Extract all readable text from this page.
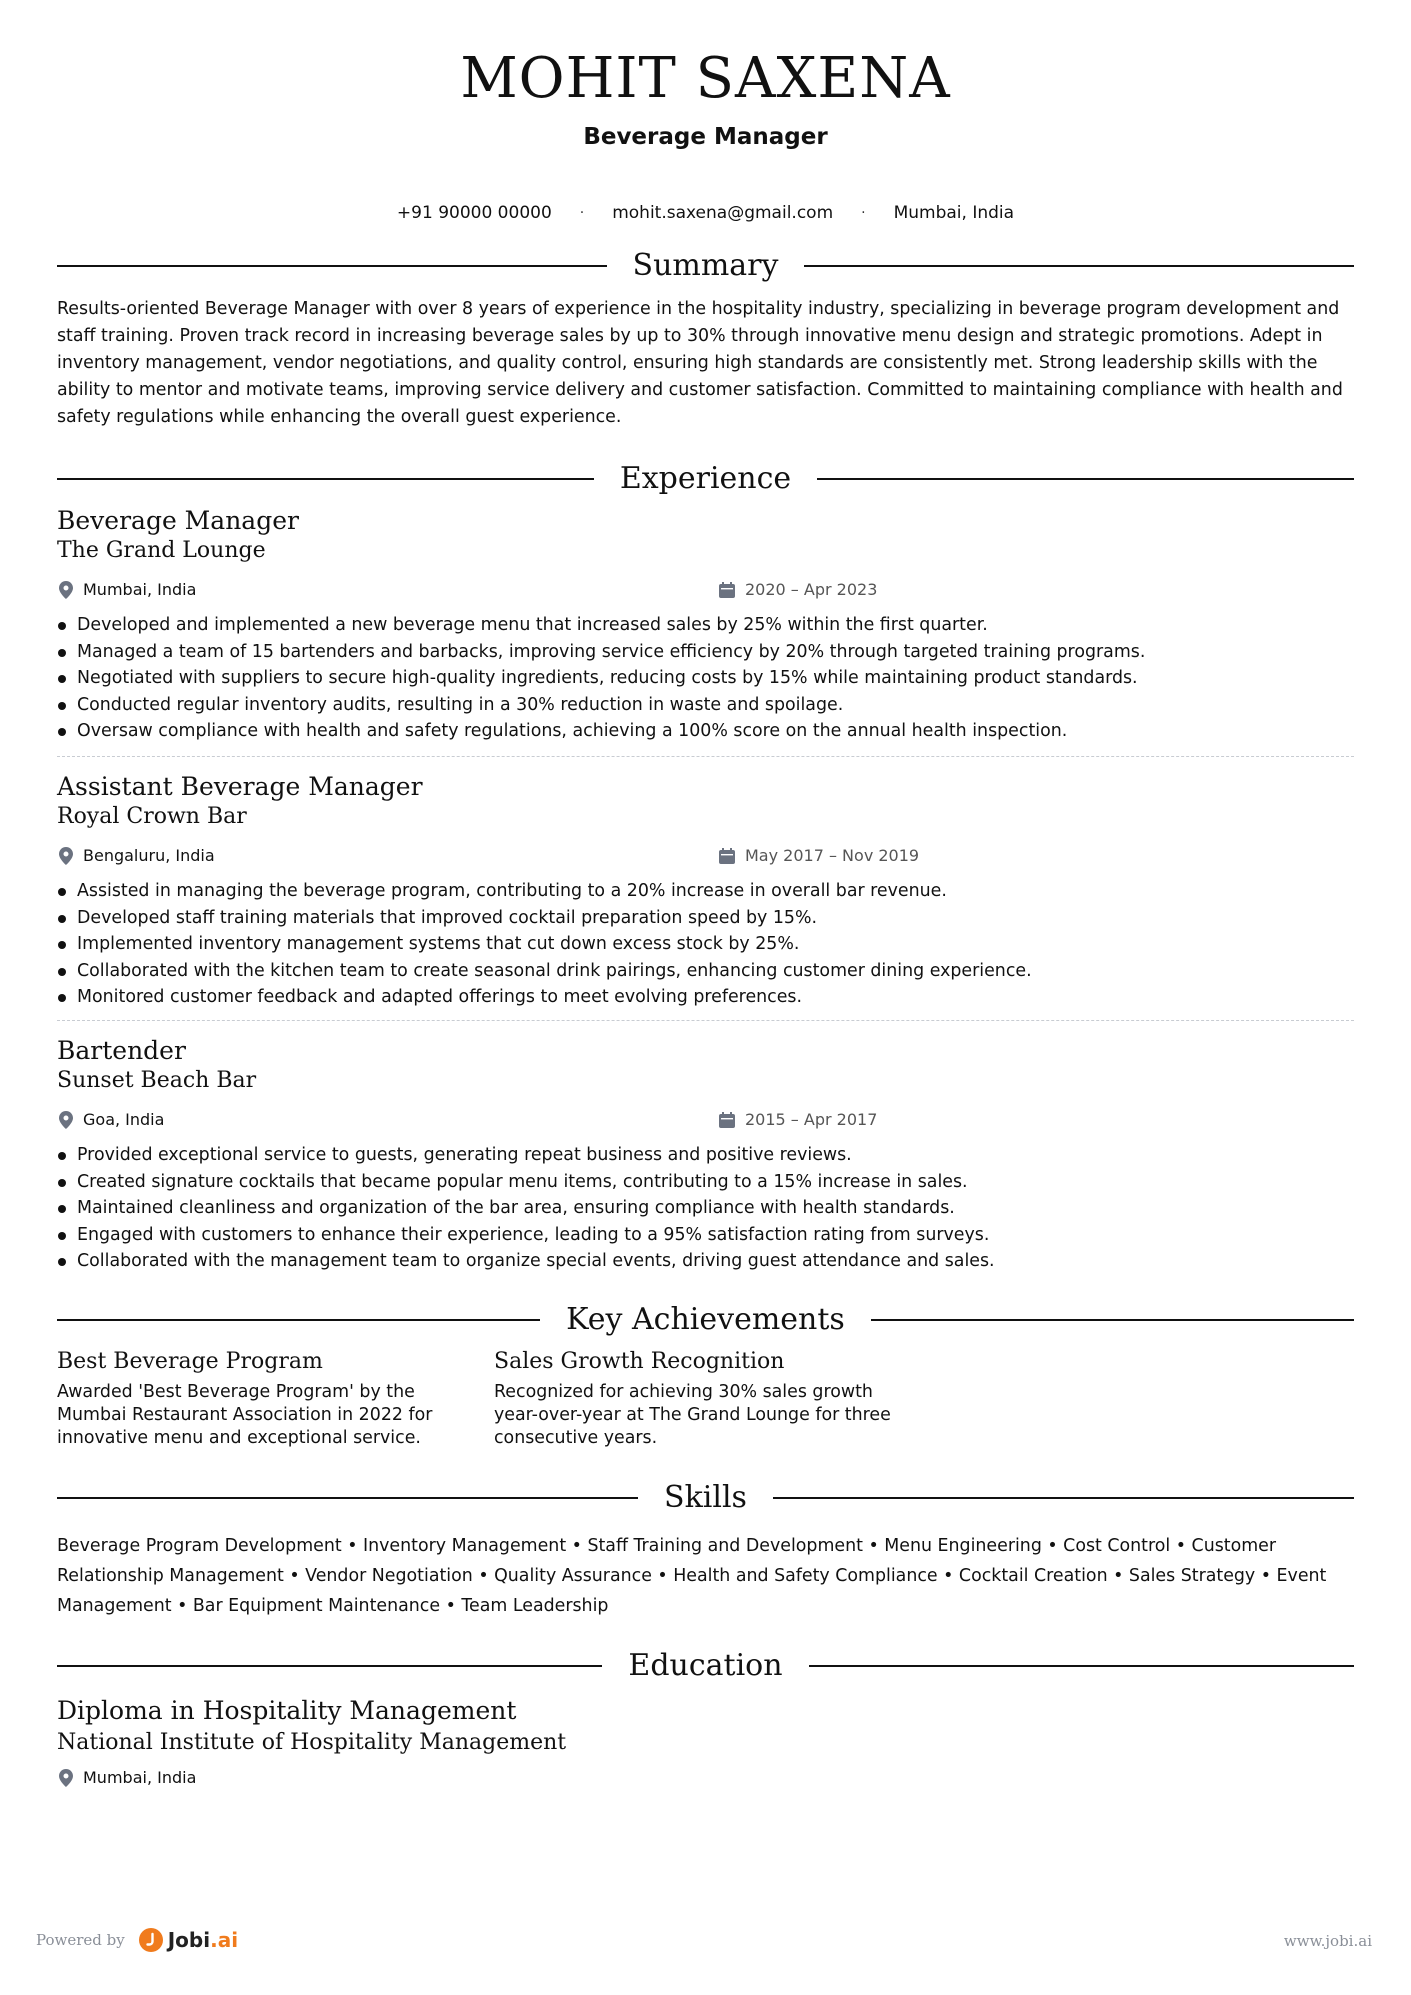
MOHIT SAXENA
Beverage Manager
+91 90000 00000 · mohit.saxena@gmail.com · Mumbai, India
Summary

Results-oriented Beverage Manager with over 8 years of experience in the hospitality industry, specializing in beverage program development and staff training. Proven track record in increasing beverage sales by up to 30% through innovative menu design and strategic promotions. Adept in inventory management, vendor negotiations, and quality control, ensuring high standards are consistently met. Strong leadership skills with the ability to mentor and motivate teams, improving service delivery and customer satisfaction. Committed to maintaining compliance with health and safety regulations while enhancing the overall guest experience.

Experience
Beverage Manager
The Grand Lounge
Mumbai, India	2020 – Apr 2023
Developed and implemented a new beverage menu that increased sales by 25% within the first quarter.
Managed a team of 15 bartenders and barbacks, improving service efficiency by 20% through targeted training programs.
Negotiated with suppliers to secure high-quality ingredients, reducing costs by 15% while maintaining product standards.
Conducted regular inventory audits, resulting in a 30% reduction in waste and spoilage.
Oversaw compliance with health and safety regulations, achieving a 100% score on the annual health inspection.
Assistant Beverage Manager
Royal Crown Bar
Bengaluru, India	May 2017 – Nov 2019
Assisted in managing the beverage program, contributing to a 20% increase in overall bar revenue.
Developed staff training materials that improved cocktail preparation speed by 15%.
Implemented inventory management systems that cut down excess stock by 25%.
Collaborated with the kitchen team to create seasonal drink pairings, enhancing customer dining experience.
Monitored customer feedback and adapted offerings to meet evolving preferences.
Bartender
Sunset Beach Bar
Goa, India	2015 – Apr 2017
Provided exceptional service to guests, generating repeat business and positive reviews.
Created signature cocktails that became popular menu items, contributing to a 15% increase in sales.
Maintained cleanliness and organization of the bar area, ensuring compliance with health standards.
Engaged with customers to enhance their experience, leading to a 95% satisfaction rating from surveys.
Collaborated with the management team to organize special events, driving guest attendance and sales.
Key Achievements
Best Beverage Program
Awarded 'Best Beverage Program' by the Mumbai Restaurant Association in 2022 for innovative menu and exceptional service.
Sales Growth Recognition
Recognized for achieving 30% sales growth year-over-year at The Grand Lounge for three consecutive years.
Skills

Beverage Program Development • Inventory Management • Staff Training and Development • Menu Engineering • Cost Control • Customer Relationship Management • Vendor Negotiation • Quality Assurance • Health and Safety Compliance • Cocktail Creation • Sales Strategy • Event Management • Bar Equipment Maintenance • Team Leadership

Education
Diploma in Hospitality Management
National Institute of Hospitality Management
Mumbai, India
Powered by Jobi .ai	www.jobi.ai
